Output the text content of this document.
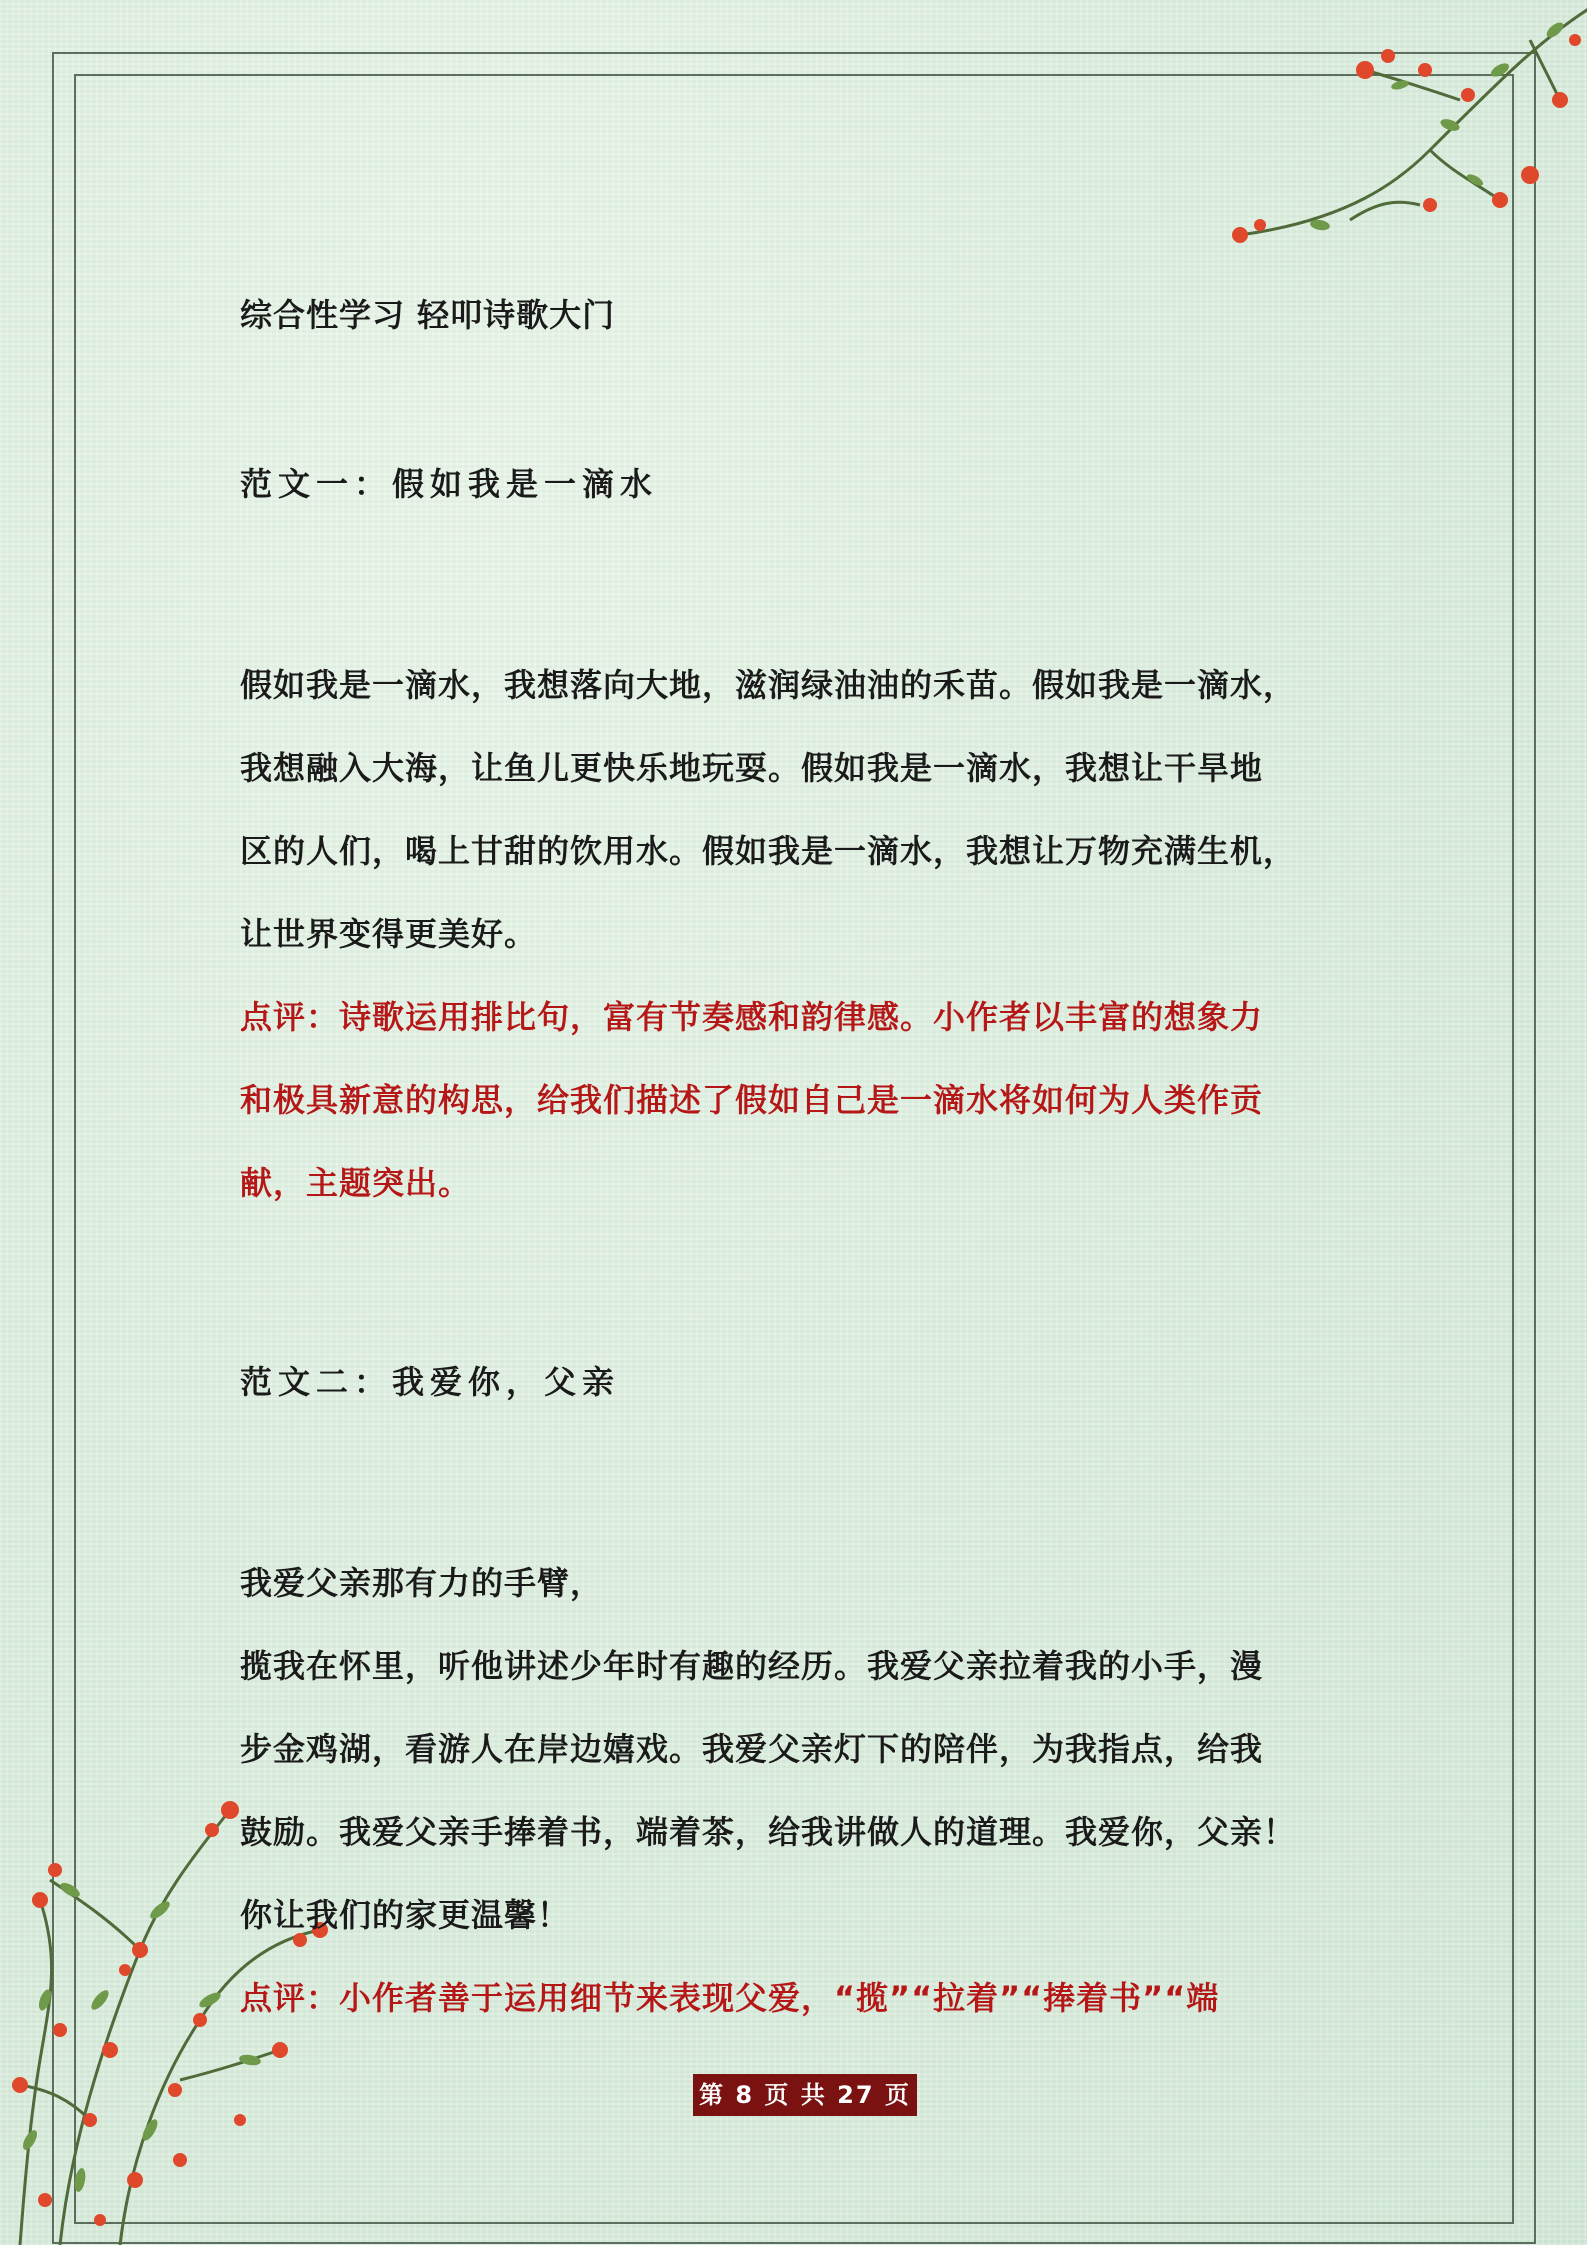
综合性学习 轻叩诗歌大门
范文一：假如我是一滴水
假如我是一滴水，我想落向大地，滋润绿油油的禾苗。假如我是一滴水，
我想融入大海，让鱼儿更快乐地玩耍。假如我是一滴水，我想让干旱地
区的人们，喝上甘甜的饮用水。假如我是一滴水，我想让万物充满生机，
让世界变得更美好。
点评：诗歌运用排比句，富有节奏感和韵律感。小作者以丰富的想象力
和极具新意的构思，给我们描述了假如自己是一滴水将如何为人类作贡
献，主题突出。
范文二：我爱你，父亲
我爱父亲那有力的手臂，
揽我在怀里，听他讲述少年时有趣的经历。我爱父亲拉着我的小手，漫
步金鸡湖，看游人在岸边嬉戏。我爱父亲灯下的陪伴，为我指点，给我
鼓励。我爱父亲手捧着书，端着茶，给我讲做人的道理。我爱你，父亲！
你让我们的家更温馨！
点评：小作者善于运用细节来表现父爱，“揽”“拉着”“捧着书”“端
第 8 页 共 27 页
